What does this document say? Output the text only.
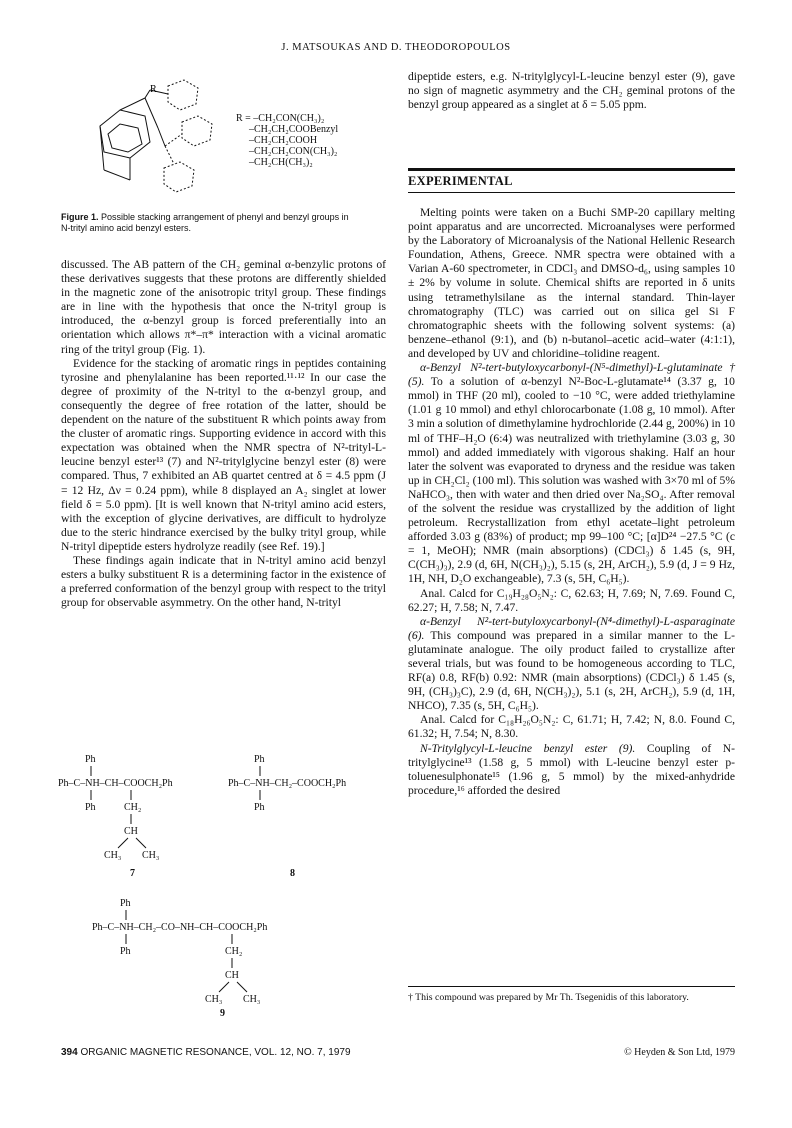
J. MATSOUKAS AND D. THEODOROPOULOS
R
R = –CH₂CON(CH₃)₂
–CH₂CH₂COOBenzyl
–CH₂CH₂COOH
–CH₂CH₂CON(CH₃)₂
–CH₂CH(CH₃)₂
Figure 1. Possible stacking arrangement of phenyl and benzyl groups in N-trityl amino acid benzyl esters.

discussed. The AB pattern of the CH₂ geminal α-benzylic protons of these derivatives suggests that these protons are differently shielded in the magnetic zone of the anisotropic trityl group. These findings are in line with the hypothesis that once the N-trityl group is introduced, the α-benzyl group is forced preferentially into an orientation which allows π*–π* interaction with a vicinal aromatic ring of the trityl group (Fig. 1).

Evidence for the stacking of aromatic rings in peptides containing tyrosine and phenylalanine has been reported.¹¹·¹² In our case the degree of proximity of the N-trityl to the α-benzyl group, and consequently the degree of free rotation of the latter, should be dependent on the nature of the substituent R which points away from the cluster of aromatic rings. Supporting evidence in accord with this expectation was obtained when the NMR spectra of N²-trityl-L-leucine benzyl ester¹³ (7) and N²-tritylglycine benzyl ester (8) were compared. Thus, 7 exhibited an AB quartet centred at δ = 4.5 ppm (J = 12 Hz, Δν = 0.24 ppm), while 8 displayed an A₂ singlet at lower field δ = 5.0 ppm). [It is well known that N-trityl amino acid esters, with the exception of glycine derivatives, are difficult to hydrolyze due to the steric hindrance exercised by the bulky trityl group, while N-trityl dipeptide esters hydrolyze readily (see Ref. 19).]

These findings again indicate that in N-trityl amino acid benzyl esters a bulky substituent R is a determining factor in the existence of a preferred conformation of the benzyl group with respect to the trityl group for observable asymmetry. On the other hand, N-trityl

Ph
Ph–C–NH–CH–COOCH₂Ph
Ph	CH₂
CH
CH₃ CH₃
7
Ph
Ph–C–NH–CH₂–COOCH₂Ph
Ph
8
Ph
Ph–C–NH–CH₂–CO–NH–CH–COOCH₂Ph
Ph	CH₂
CH
CH₃ CH₃
9

dipeptide esters, e.g. N-tritylglycyl-L-leucine benzyl ester (9), gave no sign of magnetic asymmetry and the CH₂ geminal protons of the benzyl group appeared as a singlet at δ = 5.05 ppm.

EXPERIMENTAL

Melting points were taken on a Buchi SMP-20 capillary melting point apparatus and are uncorrected. Microanalyses were performed by the Laboratory of Microanalysis of the National Hellenic Research Foundation, Athens, Greece. NMR spectra were obtained with a Varian A-60 spectrometer, in CDCl₃ and DMSO-d₆, using samples 10 ± 2% by volume in solute. Chemical shifts are reported in δ units using tetramethylsilane as the internal standard. Thin-layer chromatography (TLC) was carried out on silica gel Si F chromatographic sheets with the following solvent systems: (a) benzene–ethanol (9:1), and (b) n-butanol–acetic acid–water (4:1:1), and developed by UV and chloridine–tolidine reagent.

α-Benzyl N²-tert-butyloxycarbonyl-(N⁵-dimethyl)-L-glutaminate† (5). To a solution of α-benzyl N²-Boc-L-glutamate¹⁴ (3.37 g, 10 mmol) in THF (20 ml), cooled to −10 °C, were added triethylamine (1.01 g 10 mmol) and ethyl chlorocarbonate (1.08 g, 10 mmol). After 3 min a solution of dimethylamine hydrochloride (2.44 g, 200%) in 10 ml of THF–H₂O (6:4) was neutralized with triethylamine (3.03 g, 30 mmol) and added immediately with vigorous shaking. Half an hour later the solvent was evaporated to dryness and the residue was taken up in CH₂Cl₂ (100 ml). This solution was washed with 3×70 ml of 5% NaHCO₃, then with water and then dried over Na₂SO₄. After removal of the solvent the residue was crystallized by the addition of light petroleum. Recrystallization from ethyl acetate–light petroleum afforded 3.03 g (83%) of product; mp 99–100 °C; [α]D²⁴ −27.5 °C (c = 1, MeOH); NMR (main absorptions) (CDCl₃) δ 1.45 (s, 9H, C(CH₃)₃), 2.9 (d, 6H, N(CH₃)₂), 5.15 (s, 2H, ArCH₂), 5.9 (d, J = 9 Hz, 1H, NH, D₂O exchangeable), 7.3 (s, 5H, C₆H₅).

Anal. Calcd for C₁₉H₂₈O₅N₂: C, 62.63; H, 7.69; N, 7.69. Found C, 62.27; H, 7.58; N, 7.47.

α-Benzyl N²-tert-butyloxycarbonyl-(N⁴-dimethyl)-L-asparaginate (6). This compound was prepared in a similar manner to the L-glutaminate analogue. The oily product failed to crystallize after several trials, but was found to be homogeneous according to TLC, RF(a) 0.8, RF(b) 0.92: NMR (main absorptions) (CDCl₃) δ 1.45 (s, 9H, (CH₃)₃C), 2.9 (d, 6H, N(CH₃)₂), 5.1 (s, 2H, ArCH₂), 5.9 (d, 1H, NHCO), 7.35 (s, 5H, C₆H₅).

Anal. Calcd for C₁₈H₂₆O₅N₂: C, 61.71; H, 7.42; N, 8.0. Found C, 61.32; H, 7.54; N, 8.30.

N-Tritylglycyl-L-leucine benzyl ester (9). Coupling of N-tritylglycine¹³ (1.58 g, 5 mmol) with L-leucine benzyl ester p-toluenesulphonate¹⁵ (1.96 g, 5 mmol) by the mixed-anhydride procedure,¹⁶ afforded the desired

† This compound was prepared by Mr Th. Tsegenidis of this laboratory.
394 ORGANIC MAGNETIC RESONANCE, VOL. 12, NO. 7, 1979	© Heyden & Son Ltd, 1979
